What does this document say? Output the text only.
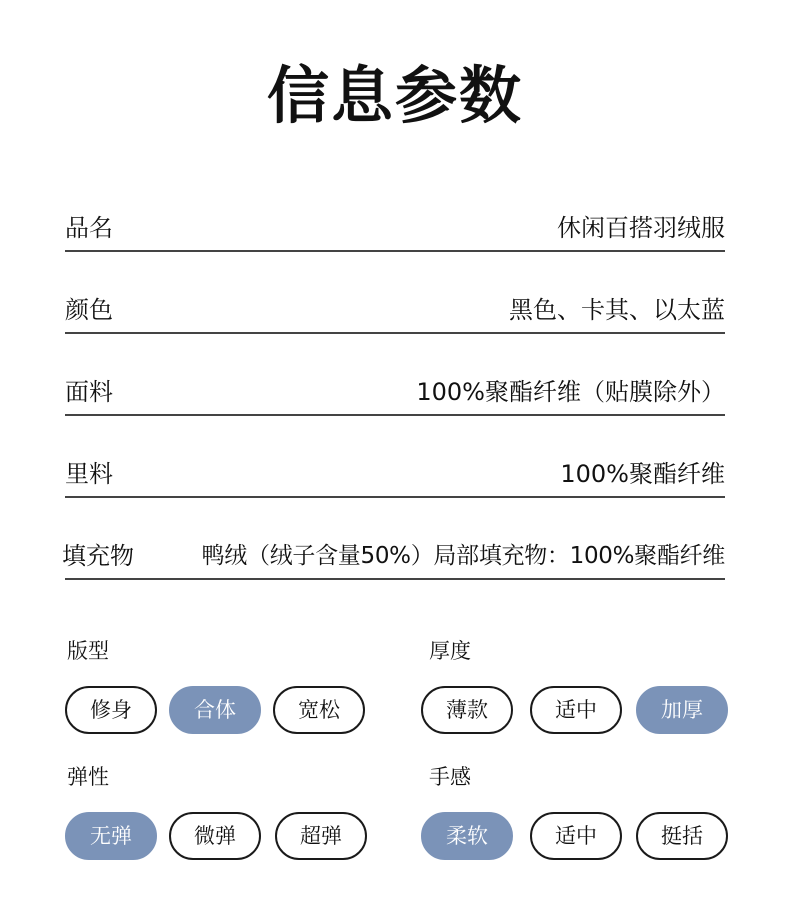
信息参数
品名	休闲百搭羽绒服
颜色	黑色、卡其、以太蓝
面料	100%聚酯纤维（贴膜除外）
里料	100%聚酯纤维
填充物	鸭绒（绒子含量50%）局部填充物：100%聚酯纤维
版型
修身	合体	宽松
厚度
薄款	适中	加厚
弹性
无弹	微弹	超弹
手感
柔软	适中	挺括
